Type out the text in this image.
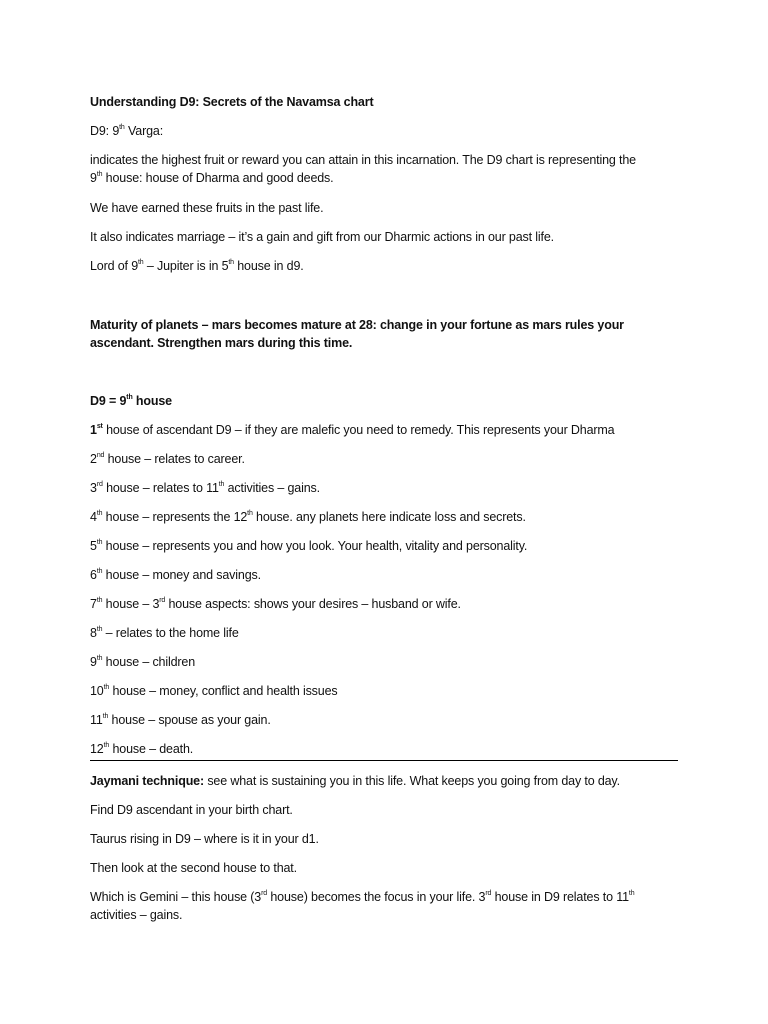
Understanding D9: Secrets of the Navamsa chart
D9: 9th Varga:
indicates the highest fruit or reward you can attain in this incarnation. The D9 chart is representing the
9th house: house of Dharma and good deeds.
We have earned these fruits in the past life.
It also indicates marriage – it’s a gain and gift from our Dharmic actions in our past life.
Lord of 9th – Jupiter is in 5th house in d9.
Maturity of planets – mars becomes mature at 28: change in your fortune as mars rules your
ascendant. Strengthen mars during this time.
D9 = 9th house
1st house of ascendant D9 – if they are malefic you need to remedy. This represents your Dharma
2nd house – relates to career.
3rd house – relates to 11th activities – gains.
4th house – represents the 12th house. any planets here indicate loss and secrets.
5th house – represents you and how you look. Your health, vitality and personality.
6th house – money and savings.
7th house – 3rd house aspects: shows your desires – husband or wife.
8th – relates to the home life
9th house – children
10th house – money, conflict and health issues
11th house – spouse as your gain.
12th house – death.
Jaymani technique: see what is sustaining you in this life. What keeps you going from day to day.
Find D9 ascendant in your birth chart.
Taurus rising in D9 – where is it in your d1.
Then look at the second house to that.
Which is Gemini – this house (3rd house) becomes the focus in your life. 3rd house in D9 relates to 11th
activities – gains.
